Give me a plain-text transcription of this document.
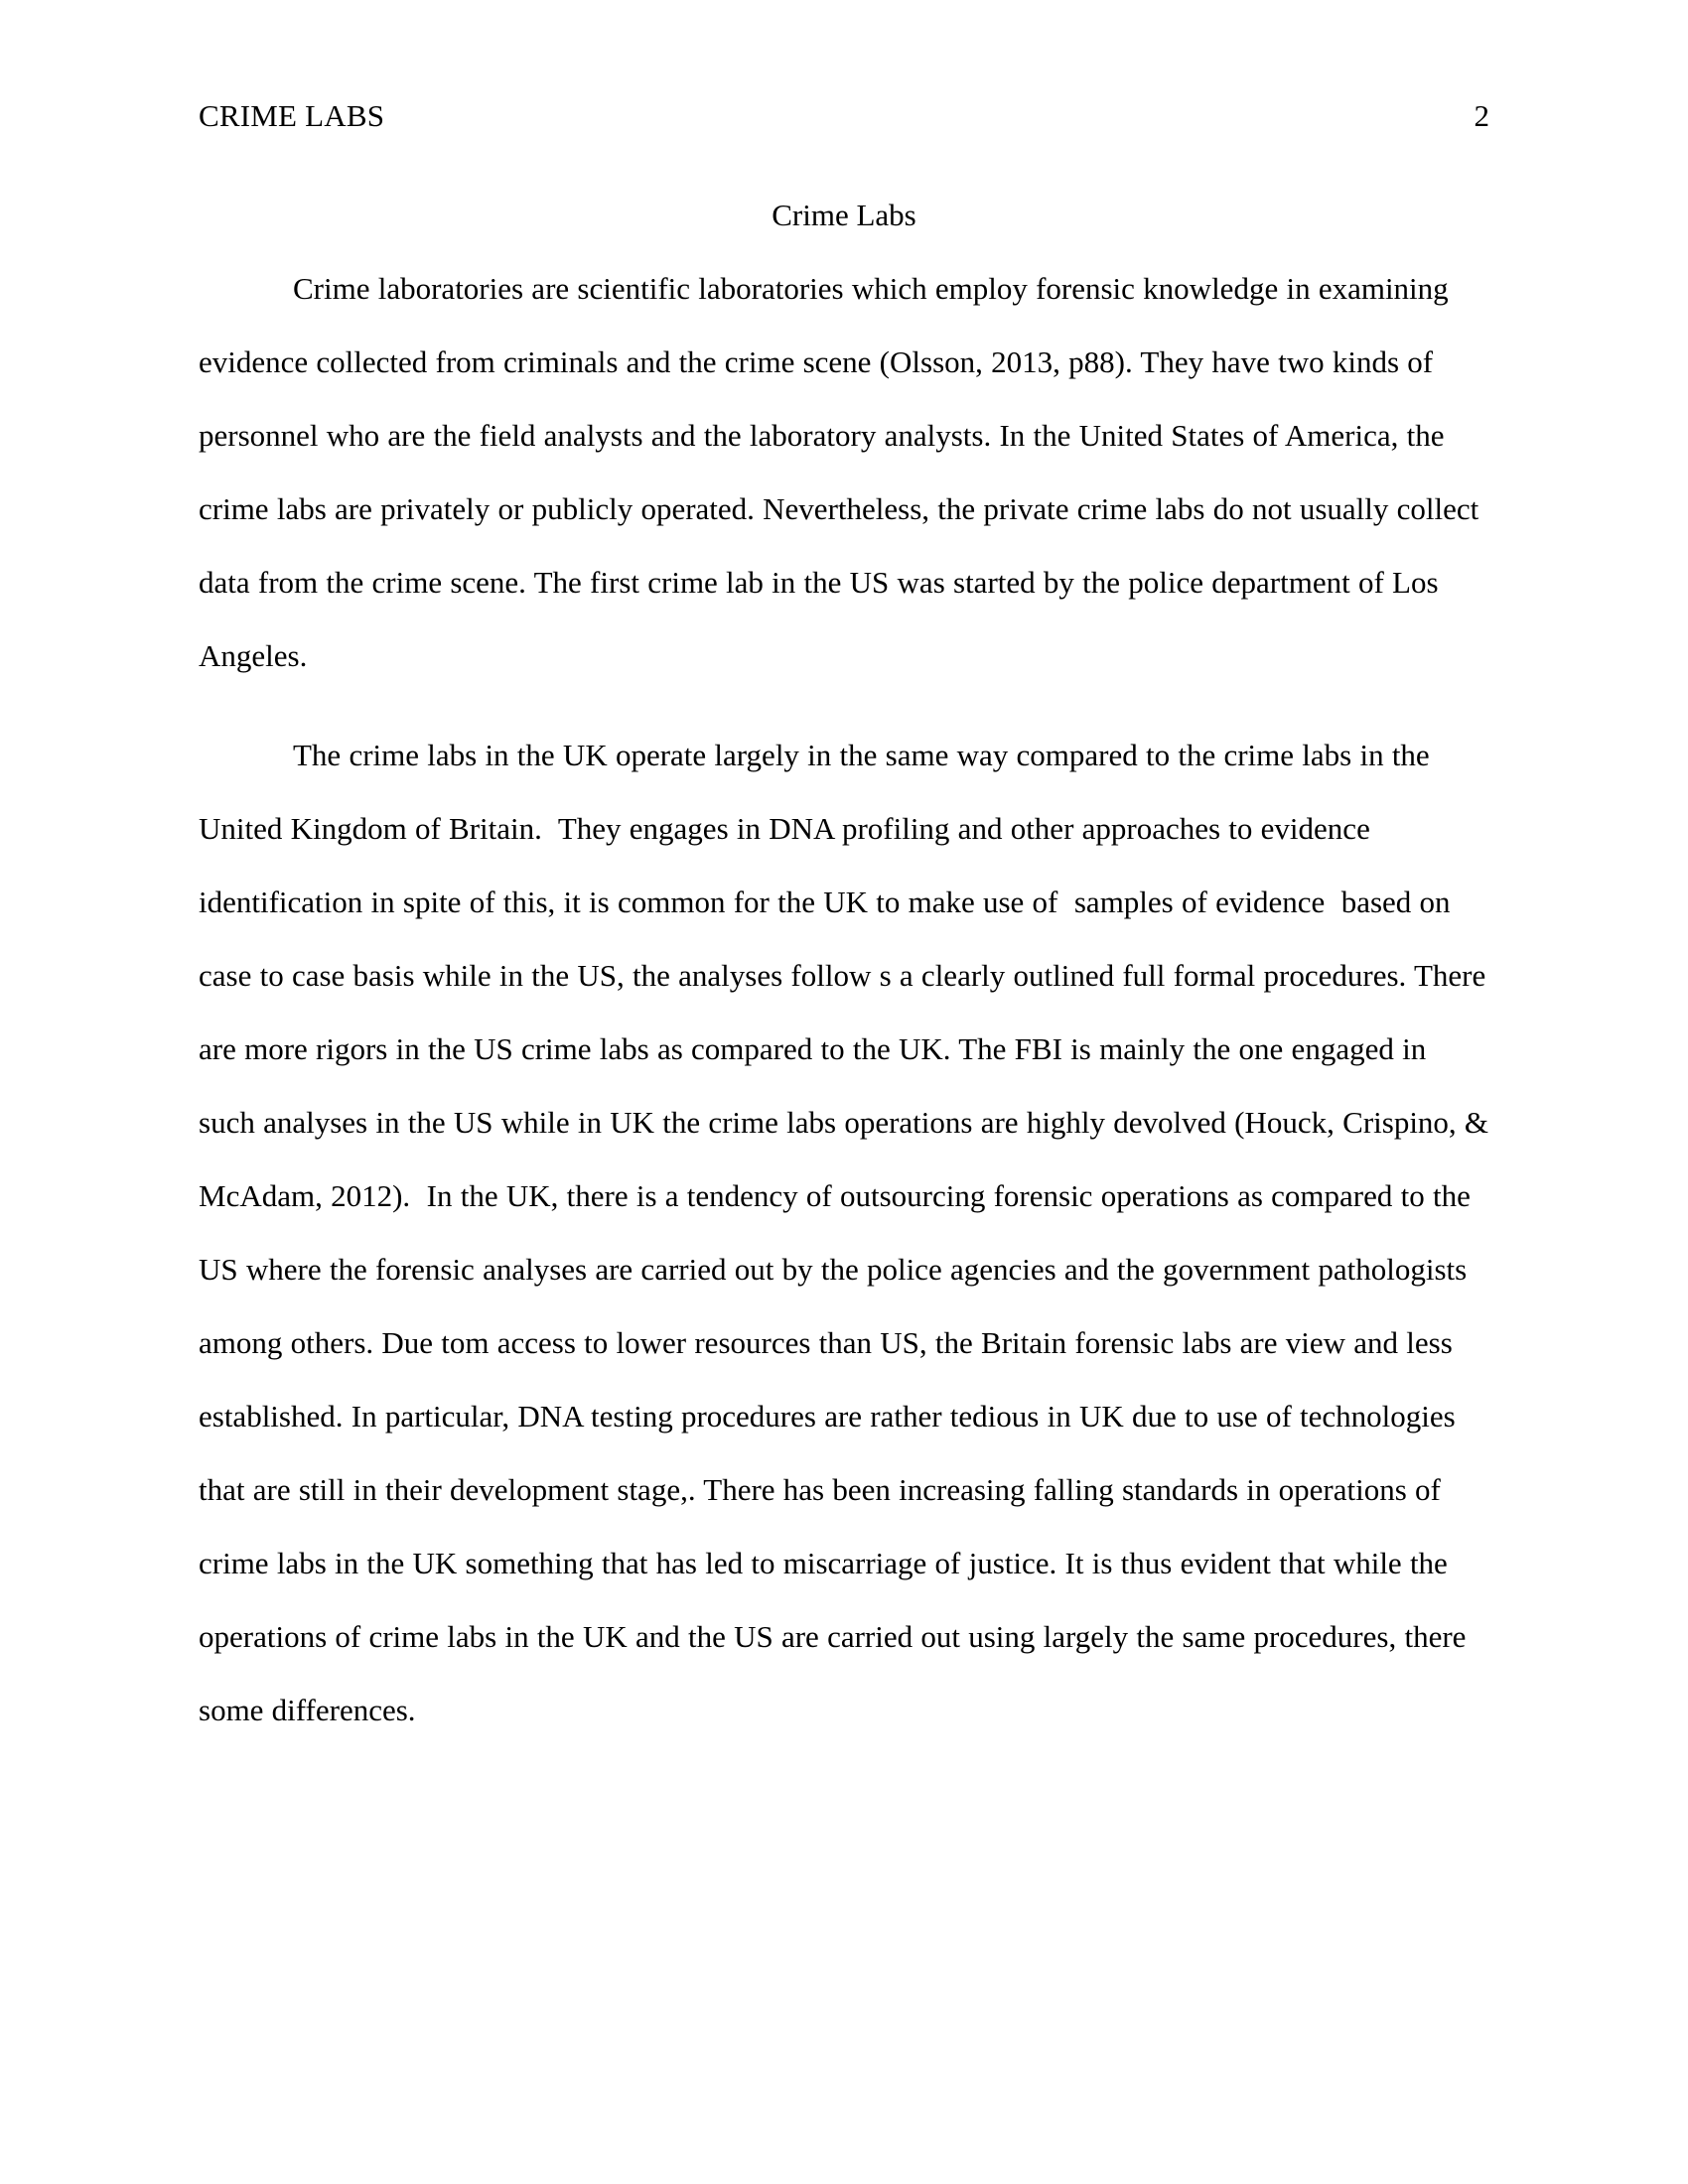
CRIME LABS	2
Crime Labs

Crime laboratories are scientific laboratories which employ forensic knowledge in examining evidence collected from criminals and the crime scene (Olsson, 2013, p88). They have two kinds of personnel who are the field analysts and the laboratory analysts. In the United States of America, the crime labs are privately or publicly operated. Nevertheless, the private crime labs do not usually collect data from the crime scene. The first crime lab in the US was started by the police department of Los Angeles.

The crime labs in the UK operate largely in the same way compared to the crime labs in the United Kingdom of Britain.  They engages in DNA profiling and other approaches to evidence identification in spite of this, it is common for the UK to make use of  samples of evidence  based on case to case basis while in the US, the analyses follow s a clearly outlined full formal procedures. There are more rigors in the US crime labs as compared to the UK. The FBI is mainly the one engaged in such analyses in the US while in UK the crime labs operations are highly devolved (Houck, Crispino, & McAdam, 2012).  In the UK, there is a tendency of outsourcing forensic operations as compared to the US where the forensic analyses are carried out by the police agencies and the government pathologists among others. Due tom access to lower resources than US, the Britain forensic labs are view and less established. In particular, DNA testing procedures are rather tedious in UK due to use of technologies that are still in their development stage,. There has been increasing falling standards in operations of crime labs in the UK something that has led to miscarriage of justice. It is thus evident that while the operations of crime labs in the UK and the US are carried out using largely the same procedures, there some differences.
